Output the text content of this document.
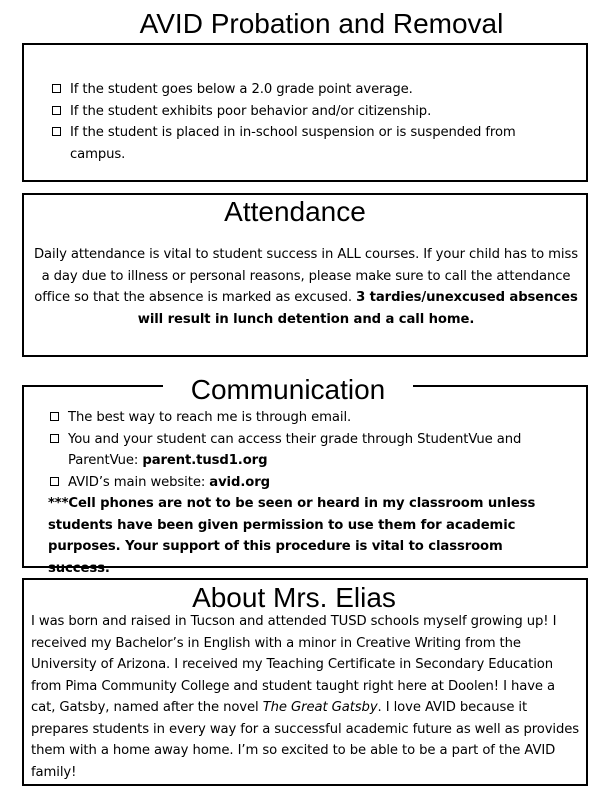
AVID Probation and Removal
If the student goes below a 2.0 grade point average.
If the student exhibits poor behavior and/or citizenship.
If the student is placed in in-school suspension or is suspended from campus.
Attendance
Daily attendance is vital to student success in ALL courses. If your child has to miss a day due to illness or personal reasons, please make sure to call the attendance office so that the absence is marked as excused. 3 tardies/unexcused absences will result in lunch detention and a call home.
Communication
The best way to reach me is through email.
You and your student can access their grade through StudentVue and ParentVue: parent.tusd1.org
AVID’s main website: avid.org
***Cell phones are not to be seen or heard in my classroom unless students have been given permission to use them for academic purposes. Your support of this procedure is vital to classroom success.
About Mrs. Elias
I was born and raised in Tucson and attended TUSD schools myself growing up! I received my Bachelor’s in English with a minor in Creative Writing from the University of Arizona. I received my Teaching Certificate in Secondary Education from Pima Community College and student taught right here at Doolen! I have a cat, Gatsby, named after the novel The Great Gatsby. I love AVID because it prepares students in every way for a successful academic future as well as provides them with a home away home. I’m so excited to be able to be a part of the AVID family!
